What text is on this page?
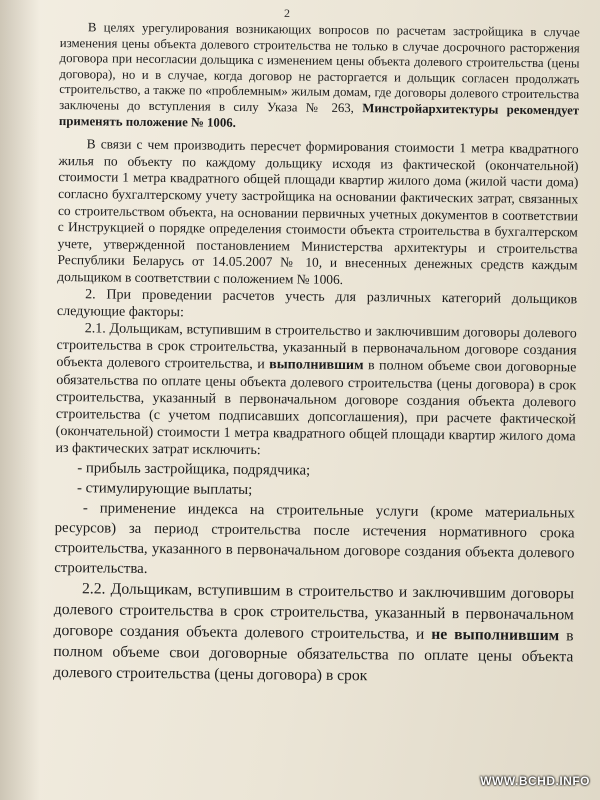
2

В целях урегулирования возникающих вопросов по расчетам застройщика в случае изменения цены объекта долевого строительства не только в случае досрочного расторжения договора при несогласии дольщика с изменением цены объекта долевого строительства (цены договора), но и в случае, когда договор не расторгается и дольщик согласен продолжать строительство, а также по «проблемным» жилым домам, где договоры долевого строительства заключены до вступления в силу Указа № 263, Минстройархитектуры рекомендует применять положение № 1006.

В связи с чем производить пересчет формирования стоимости 1 метра квадратного жилья по объекту по каждому дольщику исходя из фактической (окончательной) стоимости 1 метра квадратного общей площади квартир жилого дома (жилой части дома) согласно бухгалтерскому учету застройщика на основании фактических затрат, связанных со строительством объекта, на основании первичных учетных документов в соответствии с Инструкцией о порядке определения стоимости объекта строительства в бухгалтерском учете, утвержденной постановлением Министерства архитектуры и строительства Республики Беларусь от 14.05.2007 № 10, и внесенных денежных средств каждым дольщиком в соответствии с положением № 1006.

2. При проведении расчетов учесть для различных категорий дольщиков следующие факторы:

2.1. Дольщикам, вступившим в строительство и заключившим договоры долевого строительства в срок строительства, указанный в первоначальном договоре создания объекта долевого строительства, и выполнившим в полном объеме свои договорные обязательства по оплате цены объекта долевого строительства (цены договора) в срок строительства, указанный в первоначальном договоре создания объекта долевого строительства (с учетом подписавших допсоглашения), при расчете фактической (окончательной) стоимости 1 метра квадратного общей площади квартир жилого дома из фактических затрат исключить:

- прибыль застройщика, подрядчика;

- стимулирующие выплаты;

- применение индекса на строительные услуги (кроме материальных ресурсов) за период строительства после истечения нормативного срока строительства, указанного в первоначальном договоре создания объекта долевого строительства.

2.2. Дольщикам, вступившим в строительство и заключившим договоры долевого строительства в срок строительства, указанный в первоначальном договоре создания объекта долевого строительства, и не выполнившим в полном объеме свои договорные обязательства по оплате цены объекта долевого строительства (цены договора) в срок

WWW.BCHD.INFO
